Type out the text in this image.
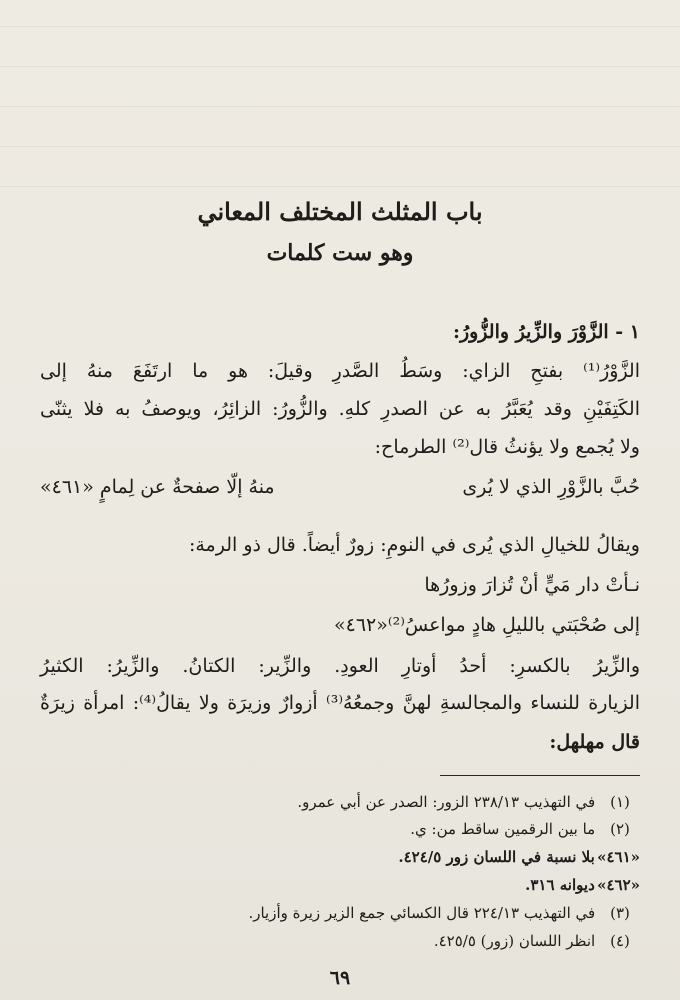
باب المثلث المختلف المعاني
وهو ست كلمات
١ - الزَّوْرَ والزِّيرُ والزُّورُ:
الزَّوْرُ⁽¹⁾ بفتحِ الزاي: وسَطُ الصَّدرِ وقيلَ: هو ما ارتَفَعَ منهُ إلى
الكَتِفَيْنِ وقد يُعَبَّرُ به عن الصدرِ كلهِ. والزُّورُ: الزائِرُ، ويوصفُ به فلا يثنّى
ولا يُجمع ولا يؤنثُ قال⁽²⁾ الطرماح:
حُبَّ بالزَّوْرِ الذي لا يُرى
منهُ إلّا صفحةٌ عن لِمامٍ «٤٦١»
ويقالُ للخيالِ الذي يُرى في النومِ: زورٌ أيضاً. قال ذو الرمة:
نـأتْ دار مَيٍّ أنْ تُزارَ وزورُها
إلى صُحْبَتي بالليلِ هادٍ مواعسُ⁽²⁾«٤٦٢»
والزِّيرُ بالكسرِ: أحدُ أوتارِ العودِ. والزِّير: الكتانُ. والزِّيرُ: الكثيرُ
الزيارة للنساء والمجالسةِ لهنَّ وجمعُهُ⁽³⁾ أزوارٌ وزيرَة ولا يقالُ⁽⁴⁾: امرأة زيرَةٌ
قال مهلهل:
(١) في التهذيب ٢٣٨/١٣ الزور: الصدر عن أبي عمرو.
(٢) ما بين الرقمين ساقط من: ي.
«٤٦١» بلا نسبة في اللسان زور ٤٢٤/٥.
«٤٦٢» ديوانه ٣١٦.
(٣) في التهذيب ٢٢٤/١٣ قال الكسائي جمع الزير زيرة وأزيار.
(٤) انظر اللسان (زور) ٤٢٥/٥.
٦٩
